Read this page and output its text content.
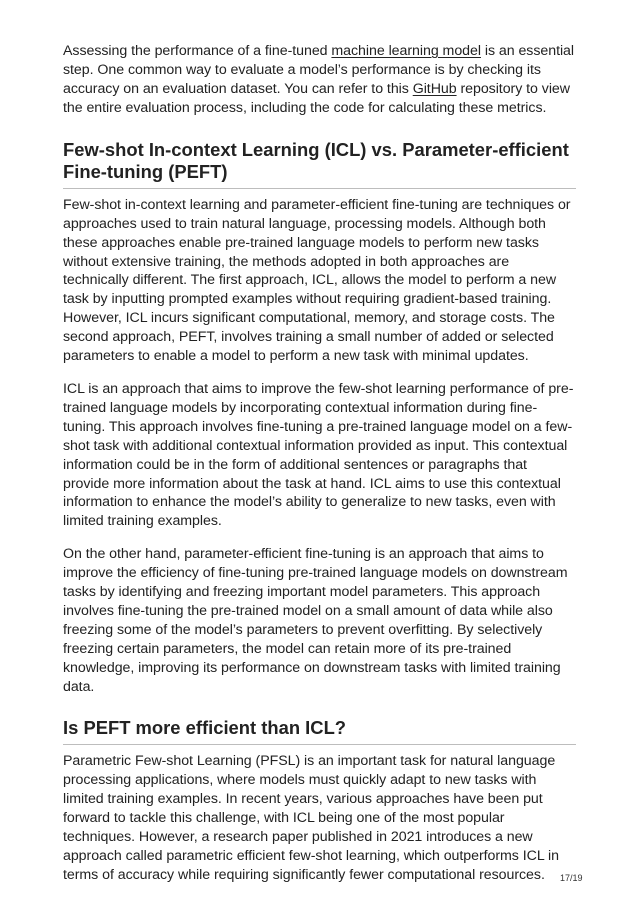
Assessing the performance of a fine-tuned machine learning model is an essential step. One common way to evaluate a model’s performance is by checking its accuracy on an evaluation dataset. You can refer to this GitHub repository to view the entire evaluation process, including the code for calculating these metrics.

Few-shot In-context Learning (ICL) vs. Parameter-efficient Fine-tuning (PEFT)

Few-shot in-context learning and parameter-efficient fine-tuning are techniques or approaches used to train natural language, processing models. Although both these approaches enable pre-trained language models to perform new tasks without extensive training, the methods adopted in both approaches are technically different. The first approach, ICL, allows the model to perform a new task by inputting prompted examples without requiring gradient-based training. However, ICL incurs significant computational, memory, and storage costs. The second approach, PEFT, involves training a small number of added or selected parameters to enable a model to perform a new task with minimal updates.

ICL is an approach that aims to improve the few-shot learning performance of pre-trained language models by incorporating contextual information during fine-tuning. This approach involves fine-tuning a pre-trained language model on a few-shot task with additional contextual information provided as input. This contextual information could be in the form of additional sentences or paragraphs that provide more information about the task at hand. ICL aims to use this contextual information to enhance the model’s ability to generalize to new tasks, even with limited training examples.

On the other hand, parameter-efficient fine-tuning is an approach that aims to improve the efficiency of fine-tuning pre-trained language models on downstream tasks by identifying and freezing important model parameters. This approach involves fine-tuning the pre-trained model on a small amount of data while also freezing some of the model’s parameters to prevent overfitting. By selectively freezing certain parameters, the model can retain more of its pre-trained knowledge, improving its performance on downstream tasks with limited training data.

Is PEFT more efficient than ICL?

Parametric Few-shot Learning (PFSL) is an important task for natural language processing applications, where models must quickly adapt to new tasks with limited training examples. In recent years, various approaches have been put forward to tackle this challenge, with ICL being one of the most popular techniques. However, a research paper published in 2021 introduces a new approach called parametric efficient few-shot learning, which outperforms ICL in terms of accuracy while requiring significantly fewer computational resources.	17/19
